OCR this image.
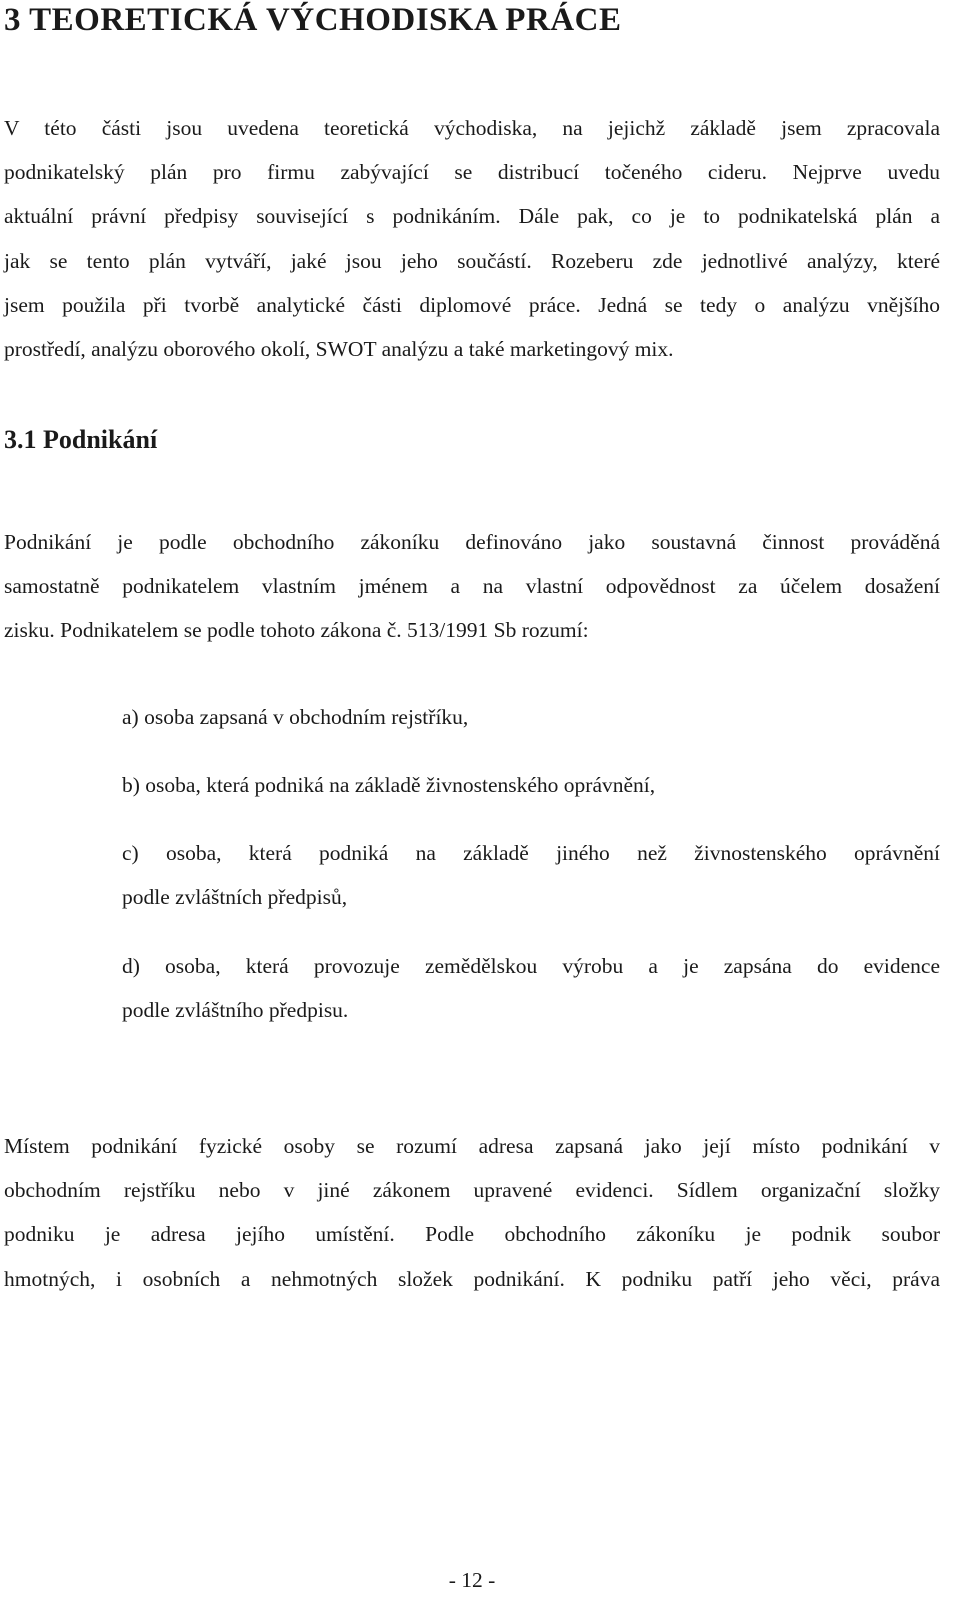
3 TEORETICKÁ VÝCHODISKA PRÁCE

V této části jsou uvedena teoretická východiska, na jejichž základě jsem zpracovala
podnikatelský plán pro firmu zabývající se distribucí točeného cideru. Nejprve uvedu
aktuální právní předpisy související s podnikáním. Dále pak, co je to podnikatelská plán a
jak se tento plán vytváří, jaké jsou jeho součástí. Rozeberu zde jednotlivé analýzy, které
jsem použila při tvorbě analytické části diplomové práce. Jedná se tedy o analýzu vnějšího
prostředí, analýzu oborového okolí, SWOT analýzu a také marketingový mix.

3.1 Podnikání

Podnikání je podle obchodního zákoníku definováno jako soustavná činnost prováděná
samostatně podnikatelem vlastním jménem a na vlastní odpovědnost za účelem dosažení
zisku. Podnikatelem se podle tohoto zákona č. 513/1991 Sb rozumí:

a) osoba zapsaná v obchodním rejstříku,
b) osoba, která podniká na základě živnostenského oprávnění,
c) osoba, která podniká na základě jiného než živnostenského oprávnění
podle zvláštních předpisů,
d) osoba, která provozuje zemědělskou výrobu a je zapsána do evidence
podle zvláštního předpisu.

Místem podnikání fyzické osoby se rozumí adresa zapsaná jako její místo podnikání v
obchodním rejstříku nebo v jiné zákonem upravené evidenci. Sídlem organizační složky
podniku je adresa jejího umístění. Podle obchodního zákoníku je podnik soubor
hmotných, i osobních a nehmotných složek podnikání. K podniku patří jeho věci, práva

- 12 -
